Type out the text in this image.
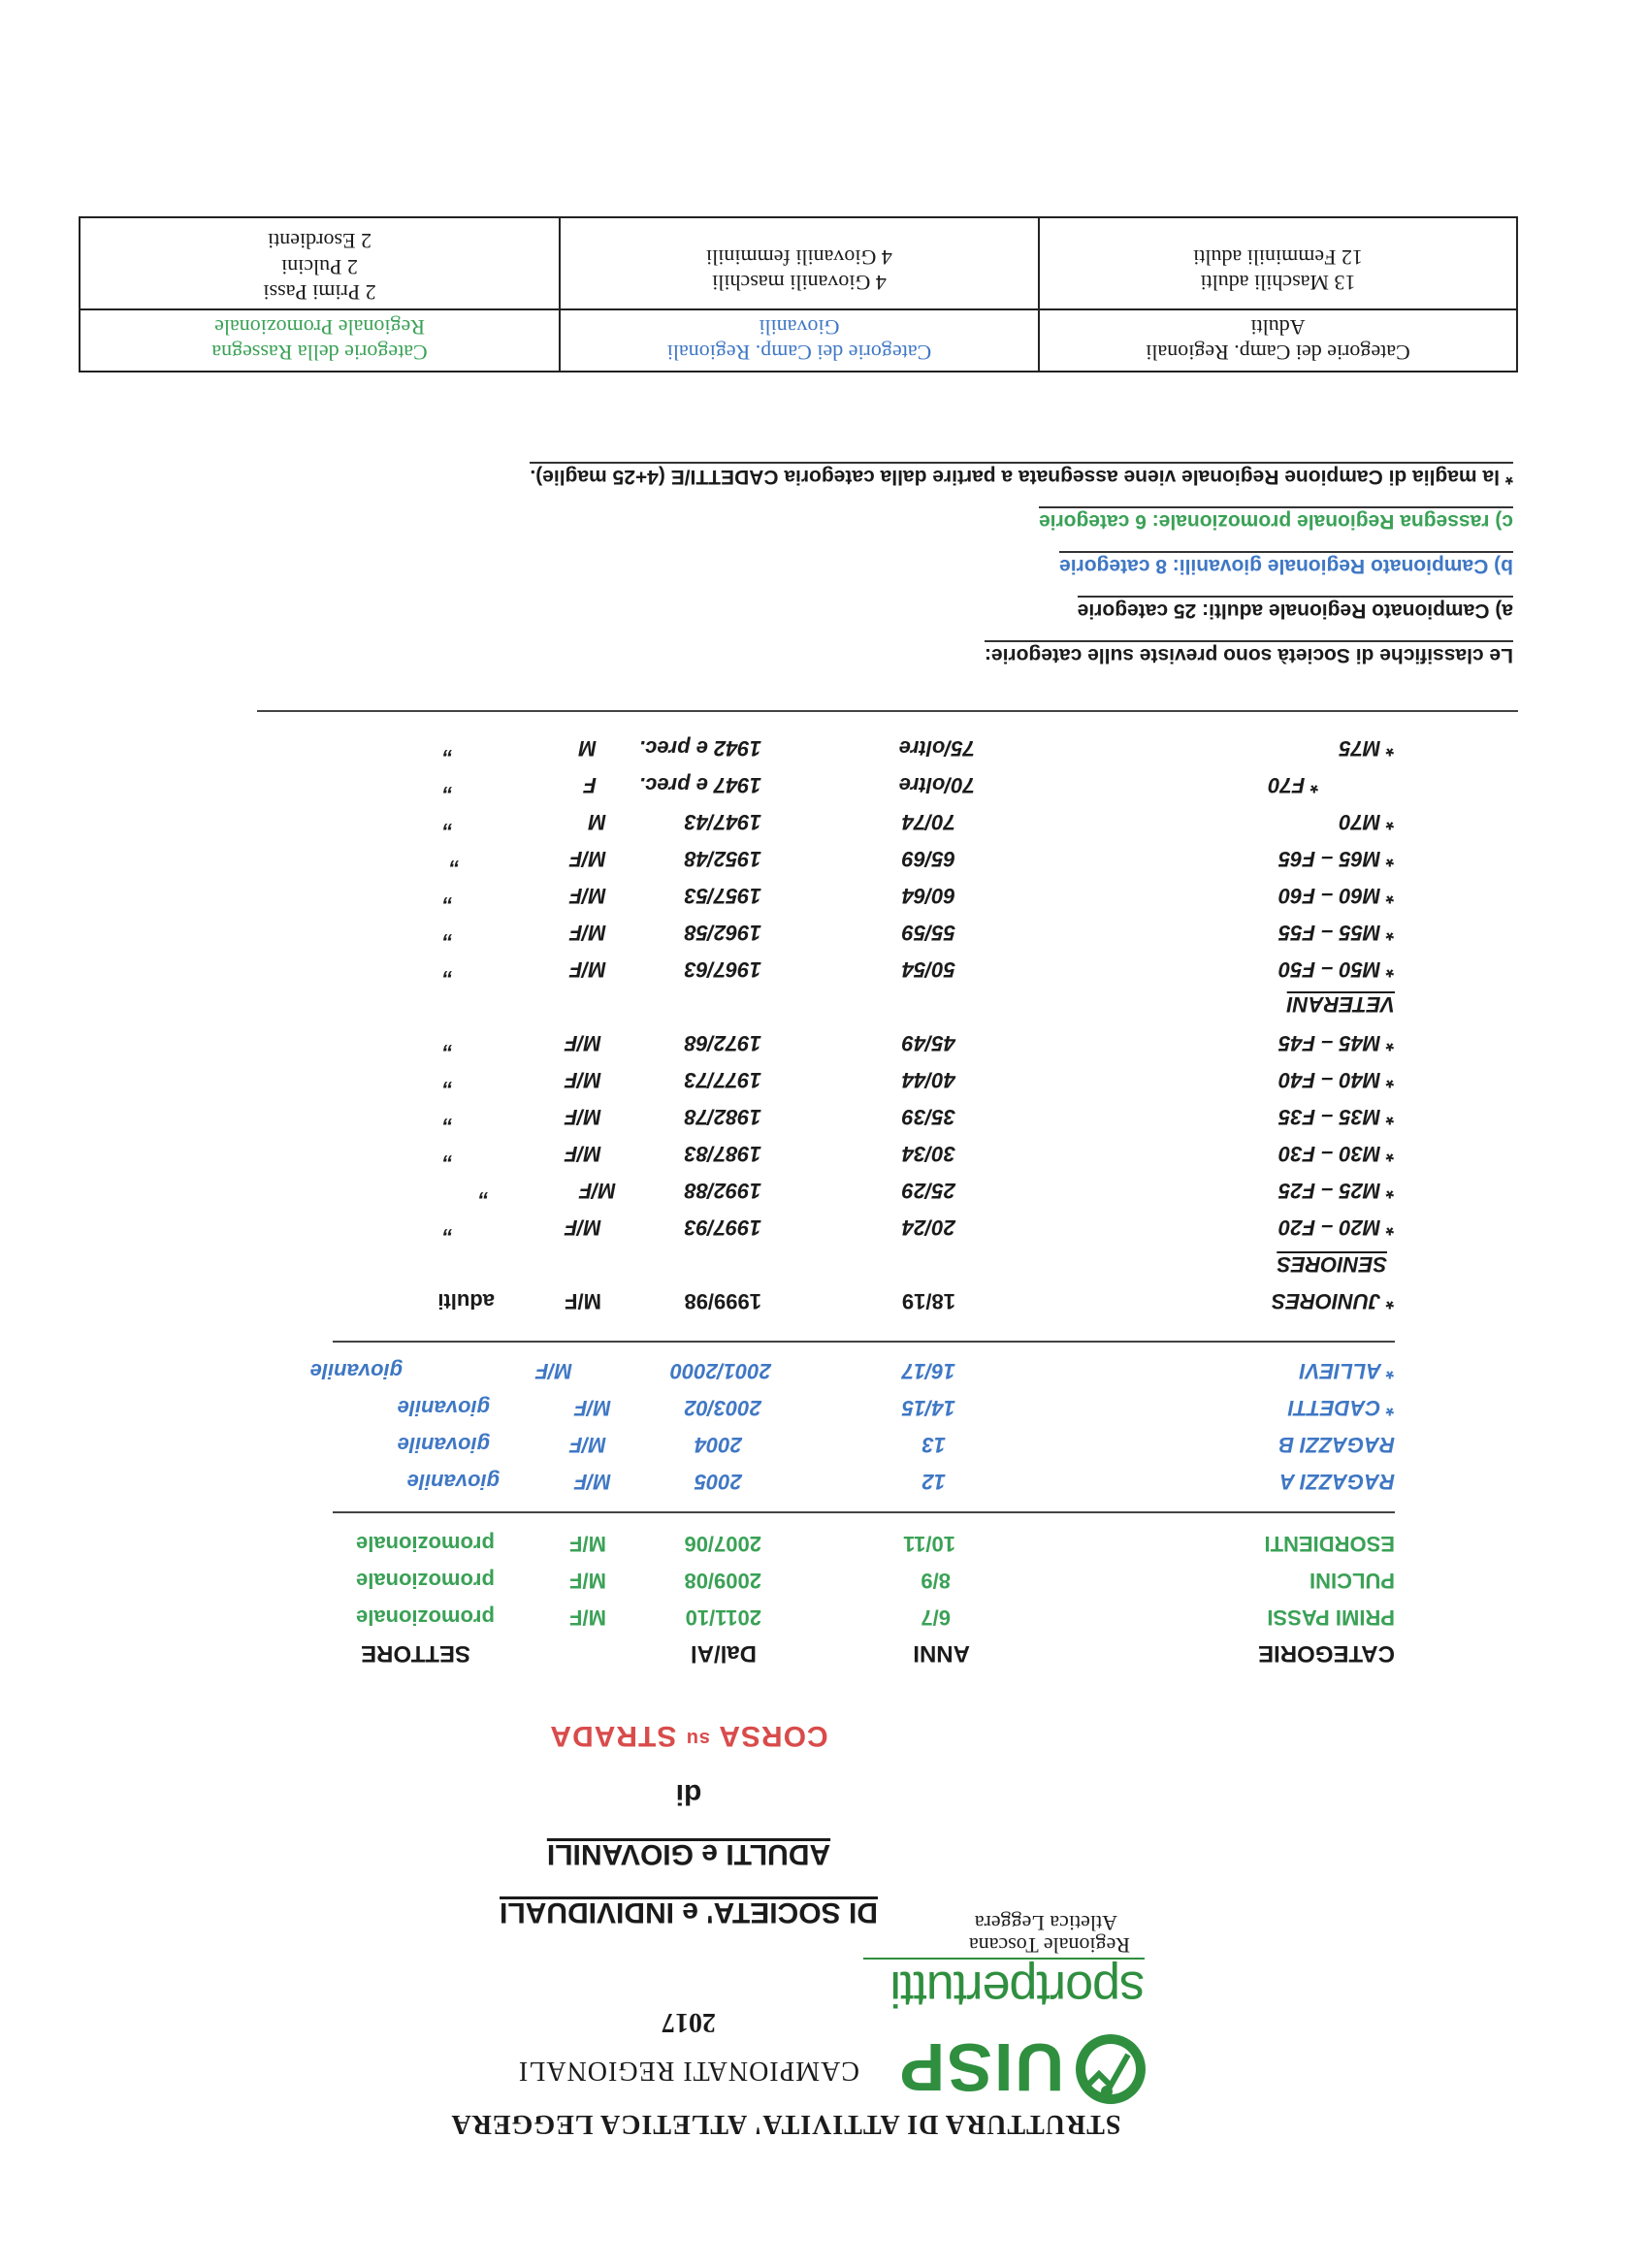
UISP
sportpertutti
Regionale Toscana
Atletica Leggera
STRUTTURA DI ATTIVITA' ATLETICA LEGGERA
CAMPIONATI REGIONALI
2017
DI SOCIETA' e INDIVIDUALI
ADULTI e GIOVANILI
di
CORSA $^{su}$ STRADA
CATEGORIE
ANNI
Dal/Al
SETTORE
PRIMI PASSI
6/7
2011/10
M/F
promozionale
PULCINI
8/9
2009/08
M/F
promozionale
ESORDIENTI
10/11
2007/06
M/F
promozionale
RAGAZZI A
12
2005
M/F
giovanile
RAGAZZI B
13
2004
M/F
giovanile
* CADETTI
14/15
2003/02
M/F
giovanile
* ALLIEVI
16/17
2001/2000
M/F
giovanile
* JUNIORES
18/19
1999/98
M/F
adulti
SENIORES
* M20 – F20
20/24
1997/93
M/F
”
* M25 – F25
25/29
1992/88
M/F
”
* M30 – F30
30/34
1987/83
M/F
”
* M35 – F35
35/39
1982/78
M/F
”
* M40 – F40
40/44
1977/73
M/F
”
* M45 – F45
45/49
1972/68
M/F
”
VETERANI
* M50 – F50
50/54
1967/63
M/F
”
* M55 – F55
55/59
1962/58
M/F
”
* M60 – F60
60/64
1957/53
M/F
”
* M65 – F65
65/69
1952/48
M/F
”
* M70
70/74
1947/43
M
”
* F70
70/oltre
1947 e prec.
F
”
* M75
75/oltre
1942 e prec.
M
”
Le classifiche di Società sono previste sulle categorie:
a) Campionato Regionale adulti: 25 categorie
b) Campionato Regionale giovanili: 8 categorie
c) rassegna Regionale promozionale: 6 categorie
* la maglia di Campione Regionale viene assegnata a partire dalla categoria CADETTI/E (4+25 maglie).
Categorie dei Camp. Regionali
Adulti
Categorie dei Camp. Regionali
Giovanili
Categorie della Rassegna
Regionale Promozionale
13 Maschili adulti
12 Femminili adulti
4 Giovanili maschili
4 Giovanili femminili
2 Primi Passi
2 Pulcini
2 Esordienti
